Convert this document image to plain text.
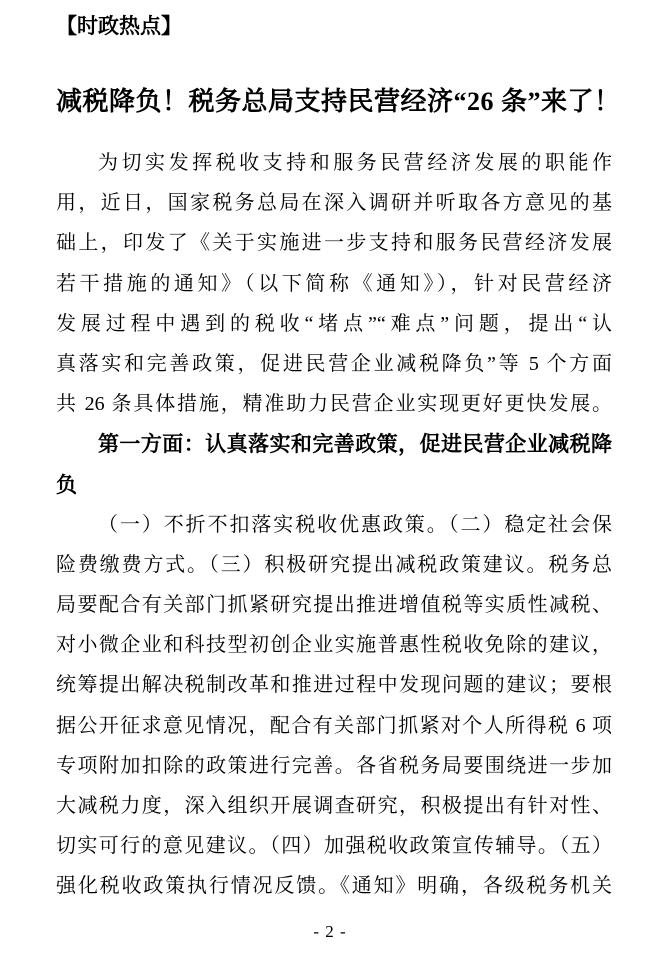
【时政热点】
减税降负！税务总局支持民营经济“26 条”来了！
为切实发挥税收支持和服务民营经济发展的职能作
用，近日，国家税务总局在深入调研并听取各方意见的基
础上，印发了《关于实施进一步支持和服务民营经济发展
若干措施的通知》（以下简称《通知》），针对民营经济
发展过程中遇到的税收“堵点”“难点”问题，提出“认
真落实和完善政策，促进民营企业减税降负”等 5 个方面
共 26 条具体措施，精准助力民营企业实现更好更快发展。
第一方面：认真落实和完善政策，促进民营企业减税降
负
（一）不折不扣落实税收优惠政策。（二）稳定社会保
险费缴费方式。（三）积极研究提出减税政策建议。税务总
局要配合有关部门抓紧研究提出推进增值税等实质性减税、
对小微企业和科技型初创企业实施普惠性税收免除的建议，
统筹提出解决税制改革和推进过程中发现问题的建议；要根
据公开征求意见情况，配合有关部门抓紧对个人所得税 6 项
专项附加扣除的政策进行完善。各省税务局要围绕进一步加
大减税力度，深入组织开展调查研究，积极提出有针对性、
切实可行的意见建议。（四）加强税收政策宣传辅导。（五）
强化税收政策执行情况反馈。《通知》明确，各级税务机关
- 2 -
